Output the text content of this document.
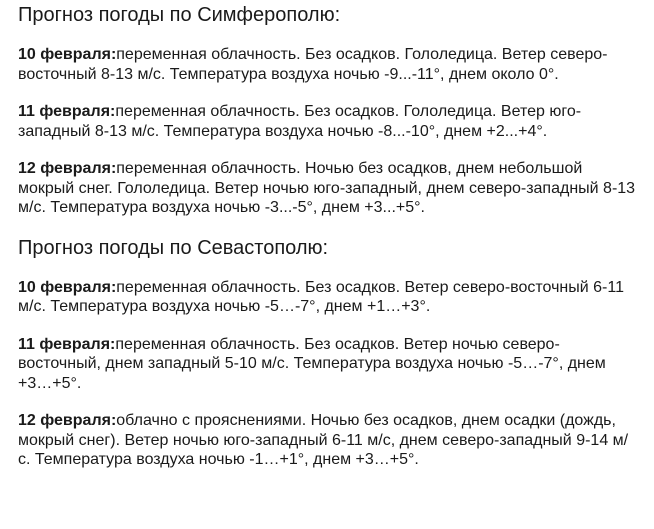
Прогноз погоды по Симферополю:

10 февраля:переменная облачность. Без осадков. Гололедица. Ветер северо-восточный 8-13 м/с. Температура воздуха ночью -9...-11°, днем около 0°.

11 февраля:переменная облачность. Без осадков. Гололедица. Ветер юго-западный 8-13 м/с. Температура воздуха ночью -8...-10°, днем +2...+4°.

12 февраля:переменная облачность. Ночью без осадков, днем небольшой мокрый снег. Гололедица. Ветер ночью юго-западный, днем северо-западный 8-13 м/с. Температура воздуха ночью -3...-5°, днем +3...+5°.

Прогноз погоды по Севастополю:

10 февраля:переменная облачность. Без осадков. Ветер северо-восточный 6-11 м/с. Температура воздуха ночью -5…-7°, днем +1…+3°.

11 февраля:переменная облачность. Без осадков. Ветер ночью северо-восточный, днем западный 5-10 м/с. Температура воздуха ночью -5…-7°, днем +3…+5°.

12 февраля:облачно с прояснениями. Ночью без осадков, днем осадки (дождь, мокрый снег). Ветер ночью юго-западный 6-11 м/с, днем северо-западный 9-14 м/с. Температура воздуха ночью -1…+1°, днем +3…+5°.
